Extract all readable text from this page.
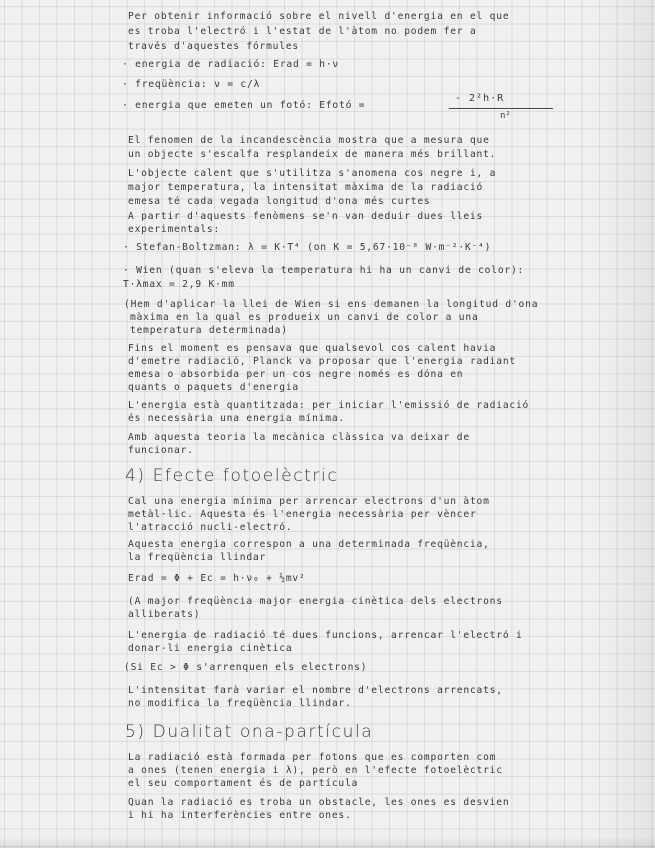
Per obtenir informació sobre el nivell d'energia en el que
es troba l'electró i l'estat de l'àtom no podem fer a
través d'aquestes fórmules
· energia de radiació: Erad = h·ν
· freqüència: ν = c/λ
· energia que emeten un fotó: Efotó =
- 2²h·R
n²
El fenomen de la incandescència mostra que a mesura que
un objecte s'escalfa resplandeix de manera més brillant.
L'objecte calent que s'utilitza s'anomena cos negre i, a
major temperatura, la intensitat màxima de la radiació
emesa té cada vegada longitud d'ona més curtes
A partir d'aquests fenòmens se'n van deduir dues lleis
experimentals:
· Stefan-Boltzman: λ = K·T⁴ (on K = 5,67·10⁻⁸ W·m⁻²·K⁻⁴)
· Wien (quan s'eleva la temperatura hi ha un canvi de color):
T·λmax = 2,9 K·mm
(Hem d'aplicar la llei de Wien si ens demanen la longitud d'ona
màxima en la qual es produeix un canvi de color a una
temperatura determinada)
Fins el moment es pensava que qualsevol cos calent havia
d'emetre radiació, Planck va proposar que l'energia radiant
emesa o absorbida per un cos negre només es dóna en
quants o paquets d'energia
L'energia està quantitzada: per iniciar l'emissió de radiació
és necessària una energia mínima.
Amb aquesta teoria la mecànica clàssica va deixar de
funcionar.
4) Efecte fotoelèctric
Cal una energia mínima per arrencar electrons d'un àtom
metàl·lic. Aquesta és l'energia necessària per vèncer
l'atracció nucli-electró.
Aquesta energia correspon a una determinada freqüència,
la freqüència llindar
Erad = Φ + Ec = h·ν₀ + ½mv²
(A major freqüència major energia cinètica dels electrons
alliberats)
L'energia de radiació té dues funcions, arrencar l'electró i
donar-li energia cinètica
(Si Ec > Φ s'arrenquen els electrons)
L'intensitat farà variar el nombre d'electrons arrencats,
no modifica la freqüència llindar.
5) Dualitat ona-partícula
La radiació està formada per fotons que es comporten com
a ones (tenen energia i λ), però en l'efecte fotoelèctric
el seu comportament és de partícula
Quan la radiació es troba un obstacle, les ones es desvien
i hi ha interferències entre ones.
